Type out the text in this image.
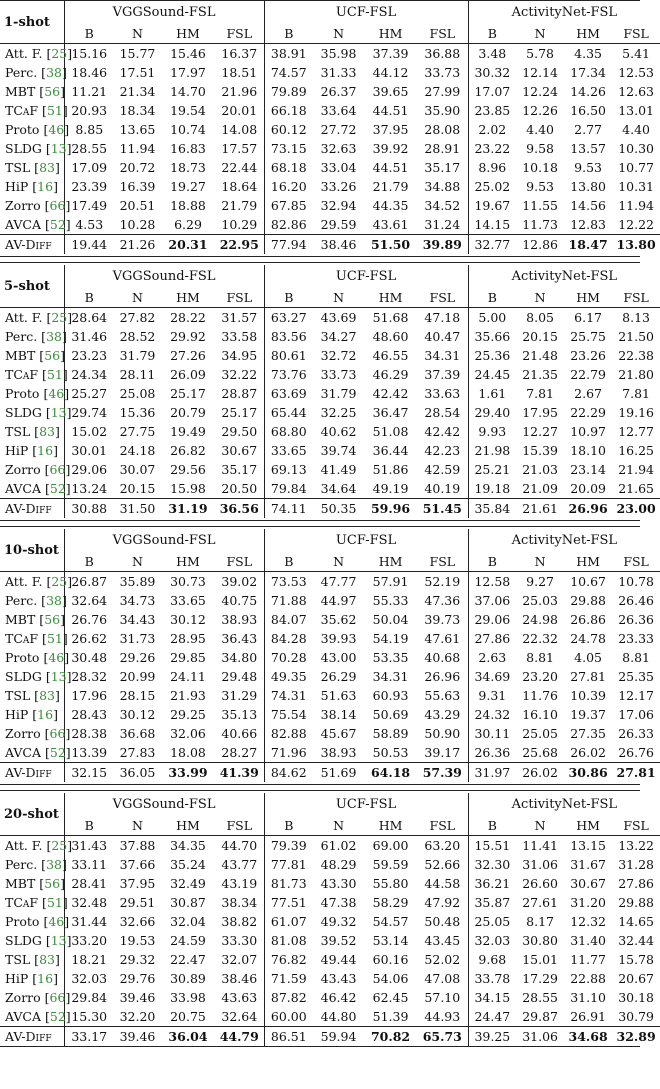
1-shot	VGGSound-FSL				UCF-FSL				ActivityNet-FSL			
	B	N	HM	FSL	B	N	HM	FSL	B	N	HM	FSL
Att. F. [25]	15.16	15.77	15.46	16.37	38.91	35.98	37.39	36.88	3.48	5.78	4.35	5.41
Perc. [38]	18.46	17.51	17.97	18.51	74.57	31.33	44.12	33.73	30.32	12.14	17.34	12.53
MBT [56]	11.21	21.34	14.70	21.96	79.89	26.37	39.65	27.99	17.07	12.24	14.26	12.63
TCaF [51]	20.93	18.34	19.54	20.01	66.18	33.64	44.51	35.90	23.85	12.26	16.50	13.01
Proto [46]	8.85	13.65	10.74	14.08	60.12	27.72	37.95	28.08	2.02	4.40	2.77	4.40
SLDG [13]	28.55	11.94	16.83	17.57	73.15	32.63	39.92	28.91	23.22	9.58	13.57	10.30
TSL [83]	17.09	20.72	18.73	22.44	68.18	33.04	44.51	35.17	8.96	10.18	9.53	10.77
HiP [16]	23.39	16.39	19.27	18.64	16.20	33.26	21.79	34.88	25.02	9.53	13.80	10.31
Zorro [66]	17.49	20.51	18.88	21.79	67.85	32.94	44.35	34.52	19.67	11.55	14.56	11.94
AVCA [52]	4.53	10.28	6.29	10.29	82.86	29.59	43.61	31.24	14.15	11.73	12.83	12.22
AV-Diff	19.44	21.26	20.31	22.95	77.94	38.46	51.50	39.89	32.77	12.86	18.47	13.80
5-shot	VGGSound-FSL				UCF-FSL				ActivityNet-FSL			
	B	N	HM	FSL	B	N	HM	FSL	B	N	HM	FSL
Att. F. [25]	28.64	27.82	28.22	31.57	63.27	43.69	51.68	47.18	5.00	8.05	6.17	8.13
Perc. [38]	31.46	28.52	29.92	33.58	83.56	34.27	48.60	40.47	35.66	20.15	25.75	21.50
MBT [56]	23.23	31.79	27.26	34.95	80.61	32.72	46.55	34.31	25.36	21.48	23.26	22.38
TCaF [51]	24.34	28.11	26.09	32.22	73.76	33.73	46.29	37.39	24.45	21.35	22.79	21.80
Proto [46]	25.27	25.08	25.17	28.87	63.69	31.79	42.42	33.63	1.61	7.81	2.67	7.81
SLDG [13]	29.74	15.36	20.79	25.17	65.44	32.25	36.47	28.54	29.40	17.95	22.29	19.16
TSL [83]	15.02	27.75	19.49	29.50	68.80	40.62	51.08	42.42	9.93	12.27	10.97	12.77
HiP [16]	30.01	24.18	26.82	30.67	33.65	39.74	36.44	42.23	21.98	15.39	18.10	16.25
Zorro [66]	29.06	30.07	29.56	35.17	69.13	41.49	51.86	42.59	25.21	21.03	23.14	21.94
AVCA [52]	13.24	20.15	15.98	20.50	79.84	34.64	49.19	40.19	19.18	21.09	20.09	21.65
AV-Diff	30.88	31.50	31.19	36.56	74.11	50.35	59.96	51.45	35.84	21.61	26.96	23.00
10-shot	VGGSound-FSL				UCF-FSL				ActivityNet-FSL			
	B	N	HM	FSL	B	N	HM	FSL	B	N	HM	FSL
Att. F. [25]	26.87	35.89	30.73	39.02	73.53	47.77	57.91	52.19	12.58	9.27	10.67	10.78
Perc. [38]	32.64	34.73	33.65	40.75	71.88	44.97	55.33	47.36	37.06	25.03	29.88	26.46
MBT [56]	26.76	34.43	30.12	38.93	84.07	35.62	50.04	39.73	29.06	24.98	26.86	26.36
TCaF [51]	26.62	31.73	28.95	36.43	84.28	39.93	54.19	47.61	27.86	22.32	24.78	23.33
Proto [46]	30.48	29.26	29.85	34.80	70.28	43.00	53.35	40.68	2.63	8.81	4.05	8.81
SLDG [13]	28.32	20.99	24.11	29.48	49.35	26.29	34.31	26.96	34.69	23.20	27.81	25.35
TSL [83]	17.96	28.15	21.93	31.29	74.31	51.63	60.93	55.63	9.31	11.76	10.39	12.17
HiP [16]	28.43	30.12	29.25	35.13	75.54	38.14	50.69	43.29	24.32	16.10	19.37	17.06
Zorro [66]	28.38	36.68	32.06	40.66	82.88	45.67	58.89	50.90	30.11	25.05	27.35	26.33
AVCA [52]	13.39	27.83	18.08	28.27	71.96	38.93	50.53	39.17	26.36	25.68	26.02	26.76
AV-Diff	32.15	36.05	33.99	41.39	84.62	51.69	64.18	57.39	31.97	26.02	30.86	27.81
20-shot	VGGSound-FSL				UCF-FSL				ActivityNet-FSL			
	B	N	HM	FSL	B	N	HM	FSL	B	N	HM	FSL
Att. F. [25]	31.43	37.88	34.35	44.70	79.39	61.02	69.00	63.20	15.51	11.41	13.15	13.22
Perc. [38]	33.11	37.66	35.24	43.77	77.81	48.29	59.59	52.66	32.30	31.06	31.67	31.28
MBT [56]	28.41	37.95	32.49	43.19	81.73	43.30	55.80	44.58	36.21	26.60	30.67	27.86
TCaF [51]	32.48	29.51	30.87	38.34	77.51	47.38	58.29	47.92	35.87	27.61	31.20	29.88
Proto [46]	31.44	32.66	32.04	38.82	61.07	49.32	54.57	50.48	25.05	8.17	12.32	14.65
SLDG [13]	33.20	19.53	24.59	33.30	81.08	39.52	53.14	43.45	32.03	30.80	31.40	32.44
TSL [83]	18.21	29.32	22.47	32.07	76.82	49.44	60.16	52.02	9.68	15.01	11.77	15.78
HiP [16]	32.03	29.76	30.89	38.46	71.59	43.43	54.06	47.08	33.78	17.29	22.88	20.67
Zorro [66]	29.84	39.46	33.98	43.63	87.82	46.42	62.45	57.10	34.15	28.55	31.10	30.18
AVCA [52]	15.30	32.20	20.75	32.64	60.00	44.80	51.39	44.93	24.47	29.87	26.91	30.79
AV-Diff	33.17	39.46	36.04	44.79	86.51	59.94	70.82	65.73	39.25	31.06	34.68	32.89
